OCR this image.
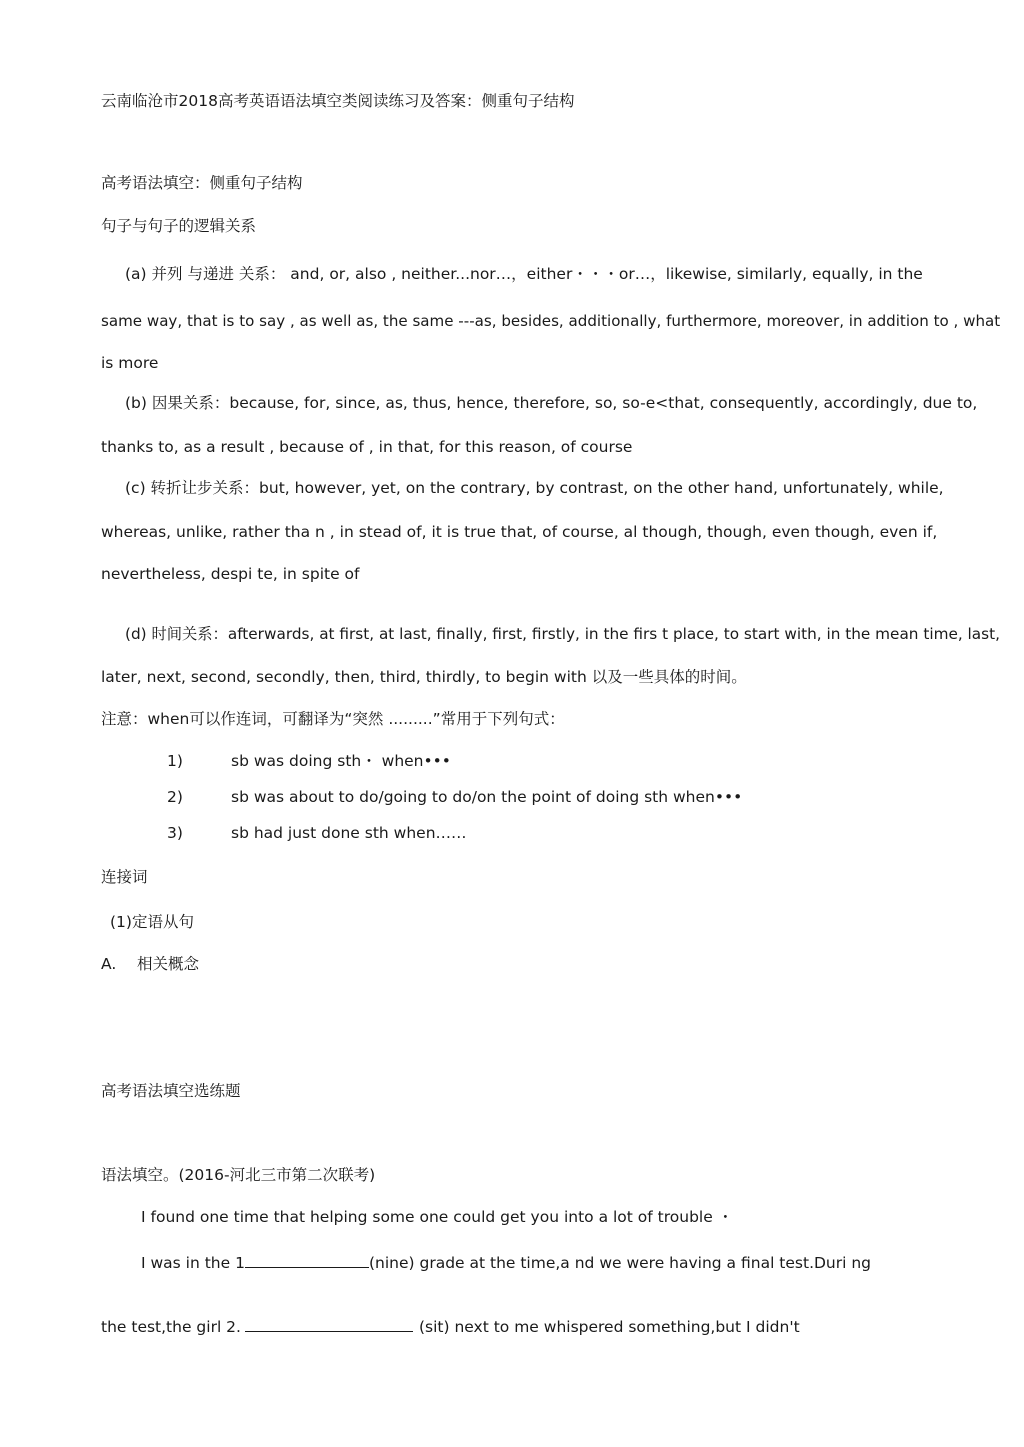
云南临沧市2018高考英语语法填空类阅读练习及答案：侧重句子结构
高考语法填空：侧重句子结构
句子与句子的逻辑关系
(a) 并列 与递进 关系： and, or, also , neither...nor…，either・・・or…，likewise, similarly, equally, in the
same way, that is to say , as well as, the same ---as, besides, additionally, furthermore, moreover, in addition to , what
is more
(b) 因果关系：because, for, since, as, thus, hence, therefore, so, so-e<that, consequently, accordingly, due to,
thanks to, as a result , because of , in that, for this reason, of course
(c) 转折让步关系：but, however, yet, on the contrary, by contrast, on the other hand, unfortunately, while,
whereas, unlike, rather tha n , in stead of, it is true that, of course, al though, though, even though, even if,
nevertheless, despi te, in spite of
(d) 时间关系：afterwards, at first, at last, finally, first, firstly, in the firs t place, to start with, in the mean time, last,
later, next, second, secondly, then, third, thirdly, to begin with 以及一些具体的时间。
注意：when可以作连词，可翻译为“突然 .........”常用于下列句式：
1)	sb was doing sth・ when•••
2)	sb was about to do/going to do/on the point of doing sth when•••
3)	sb had just done sth when……
连接词
(1)定语从句
A. 相关概念
高考语法填空选练题
语法填空。(2016-河北三市第二次联考)
I found one time that helping some one could get you into a lot of trouble ・
I was in the 1	(nine) grade at the time,a nd we were having a final test.Duri ng
the test,the girl 2.	(sit) next to me whispered something,but I didn't
